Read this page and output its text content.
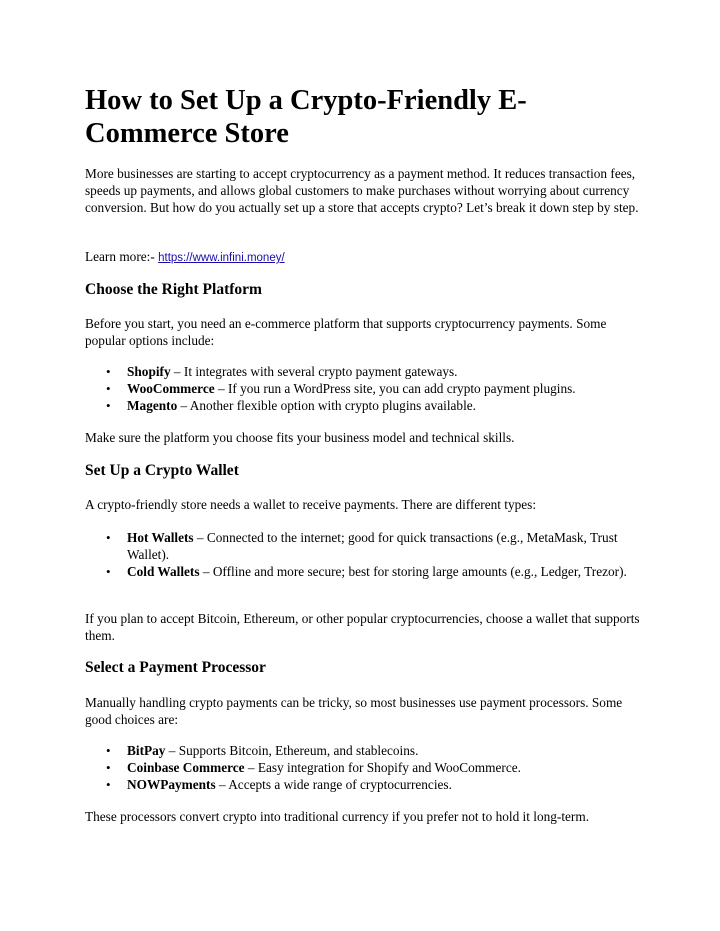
How to Set Up a Crypto-Friendly E-Commerce Store

More businesses are starting to accept cryptocurrency as a payment method. It reduces transaction fees, speeds up payments, and allows global customers to make purchases without worrying about currency conversion. But how do you actually set up a store that accepts crypto? Let’s break it down step by step.

Learn more:- https://www.infini.money/

Choose the Right Platform

Before you start, you need an e-commerce platform that supports cryptocurrency payments. Some popular options include:

• Shopify – It integrates with several crypto payment gateways.
• WooCommerce – If you run a WordPress site, you can add crypto payment plugins.
• Magento – Another flexible option with crypto plugins available.

Make sure the platform you choose fits your business model and technical skills.

Set Up a Crypto Wallet

A crypto-friendly store needs a wallet to receive payments. There are different types:

• Hot Wallets – Connected to the internet; good for quick transactions (e.g., MetaMask, Trust Wallet).
• Cold Wallets – Offline and more secure; best for storing large amounts (e.g., Ledger, Trezor).

If you plan to accept Bitcoin, Ethereum, or other popular cryptocurrencies, choose a wallet that supports them.

Select a Payment Processor

Manually handling crypto payments can be tricky, so most businesses use payment processors. Some good choices are:

• BitPay – Supports Bitcoin, Ethereum, and stablecoins.
• Coinbase Commerce – Easy integration for Shopify and WooCommerce.
• NOWPayments – Accepts a wide range of cryptocurrencies.

These processors convert crypto into traditional currency if you prefer not to hold it long-term.
